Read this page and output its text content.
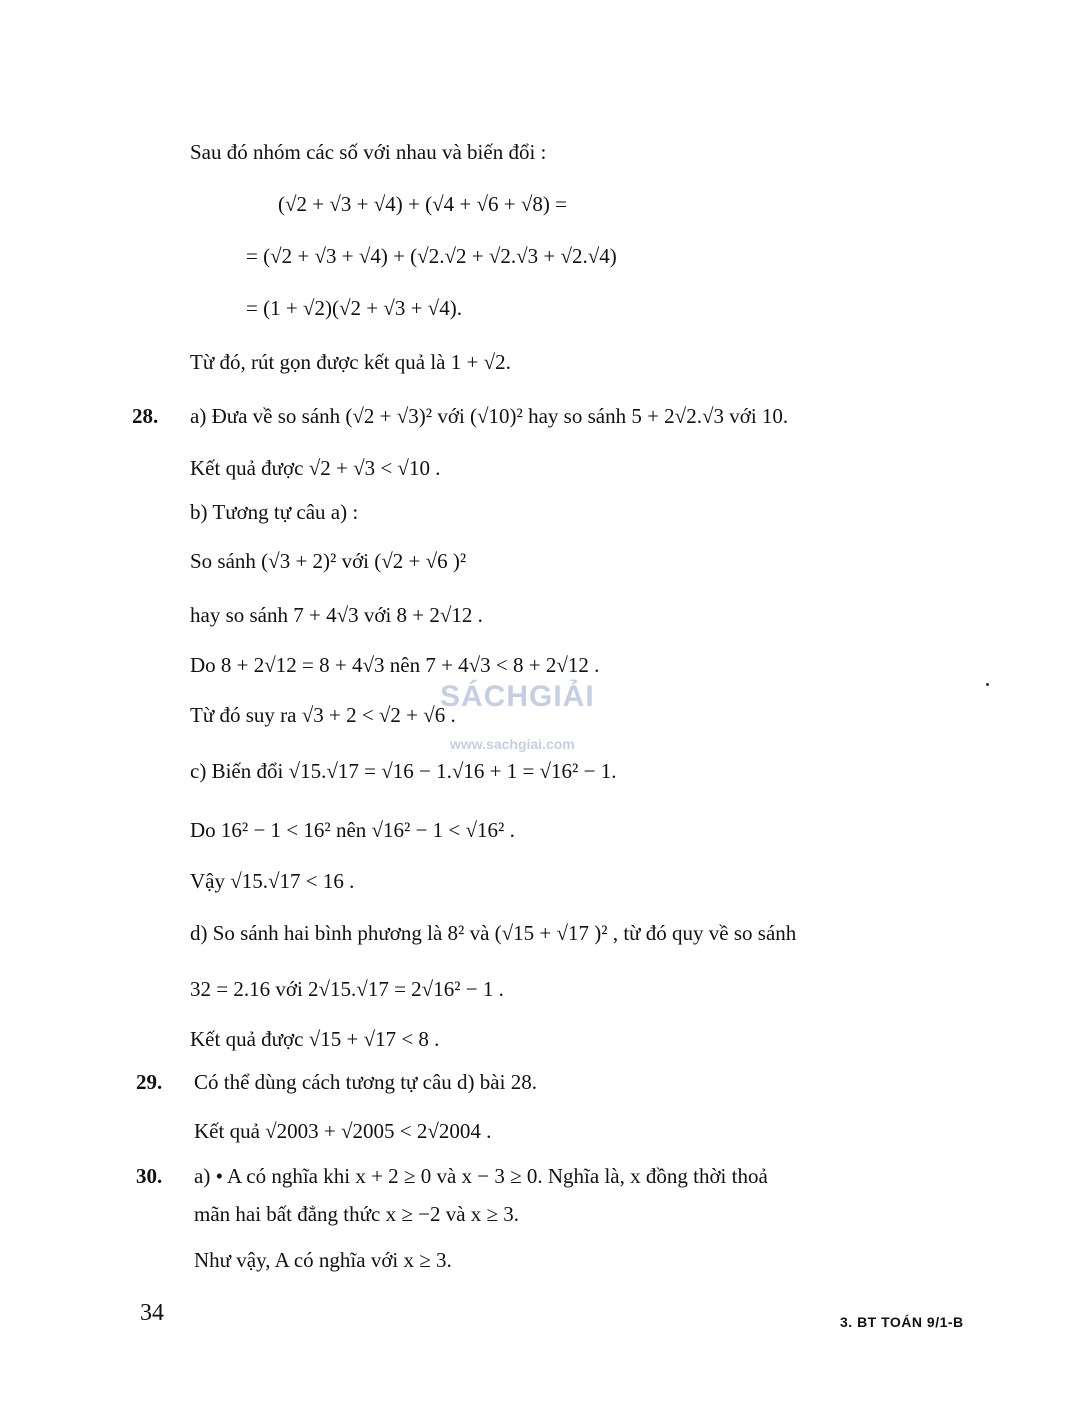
Sau đó nhóm các số với nhau và biến đổi :
(√2 + √3 + √4) + (√4 + √6 + √8) =
= (√2 + √3 + √4) + (√2.√2 + √2.√3 + √2.√4)
= (1 + √2)(√2 + √3 + √4).
Từ đó, rút gọn được kết quả là 1 + √2.
a) Đưa về so sánh (√2 + √3)² với (√10)² hay so sánh 5 + 2√2.√3 với 10.
Kết quả được √2 + √3 < √10 .
b) Tương tự câu a) :
So sánh (√3 + 2)² với (√2 + √6 )²
hay so sánh 7 + 4√3 với 8 + 2√12 .
Do 8 + 2√12 = 8 + 4√3 nên 7 + 4√3 < 8 + 2√12 .
Từ đó suy ra √3 + 2 < √2 + √6 .
c) Biến đổi √15.√17 = √16 − 1.√16 + 1 = √16² − 1.
Do 16² − 1 < 16² nên √16² − 1 < √16² .
Vậy √15.√17 < 16 .
d) So sánh hai bình phương là 8² và (√15 + √17 )² , từ đó quy về so sánh
32 = 2.16 với 2√15.√17 = 2√16² − 1 .
Kết quả được √15 + √17 < 8 .
Có thể dùng cách tương tự câu d) bài 28.
Kết quả √2003 + √2005 < 2√2004 .
a) • A có nghĩa khi x + 2 ≥ 0 và x − 3 ≥ 0. Nghĩa là, x đồng thời thoả
mãn hai bất đẳng thức x ≥ −2 và x ≥ 3.
Như vậy, A có nghĩa với x ≥ 3.
28.
29.
30.
SÁCHGIẢI
www.sachgiai.com
34	3. BT TOÁN 9/1-B
